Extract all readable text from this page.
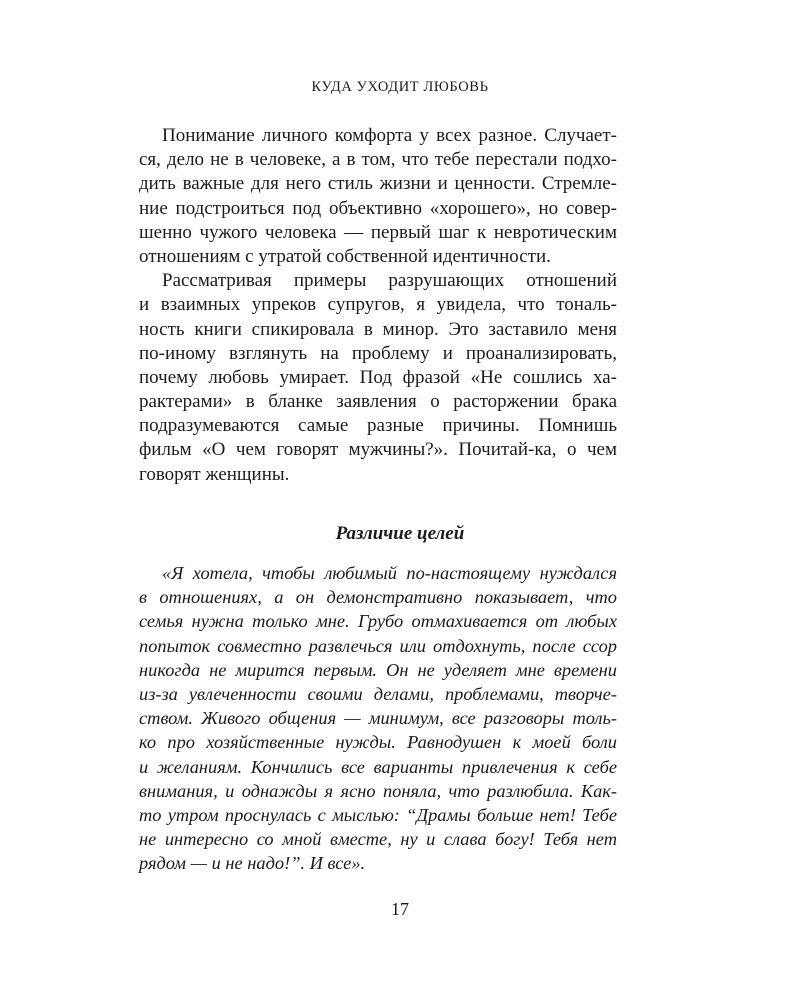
КУДА УХОДИТ ЛЮБОВЬ
Понимание личного комфорта у всех разное. Случает-
ся, дело не в человеке, а в том, что тебе перестали подхо-
дить важные для него стиль жизни и ценности. Стремле-
ние подстроиться под объективно «хорошего», но совер-
шенно чужого человека — первый шаг к невротическим
отношениям с утратой собственной идентичности.
Рассматривая примеры разрушающих отношений
и взаимных упреков супругов, я увидела, что тональ-
ность книги спикировала в минор. Это заставило меня
по-иному взглянуть на проблему и проанализировать,
почему любовь умирает. Под фразой «Не сошлись ха-
рактерами» в бланке заявления о расторжении брака
подразумеваются самые разные причины. Помнишь
фильм «О чем говорят мужчины?». Почитай-ка, о чем
говорят женщины.
Различие целей
«Я хотела, чтобы любимый по-настоящему нуждался
в отношениях, а он демонстративно показывает, что
семья нужна только мне. Грубо отмахивается от любых
попыток совместно развлечься или отдохнуть, после ссор
никогда не мирится первым. Он не уделяет мне времени
из-за увлеченности своими делами, проблемами, творче-
ством. Живого общения — минимум, все разговоры толь-
ко про хозяйственные нужды. Равнодушен к моей боли
и желаниям. Кончились все варианты привлечения к себе
внимания, и однажды я ясно поняла, что разлюбила. Как-
то утром проснулась с мыслью: “Драмы больше нет! Тебе
не интересно со мной вместе, ну и слава богу! Тебя нет
рядом — и не надо!”. И все».
17
